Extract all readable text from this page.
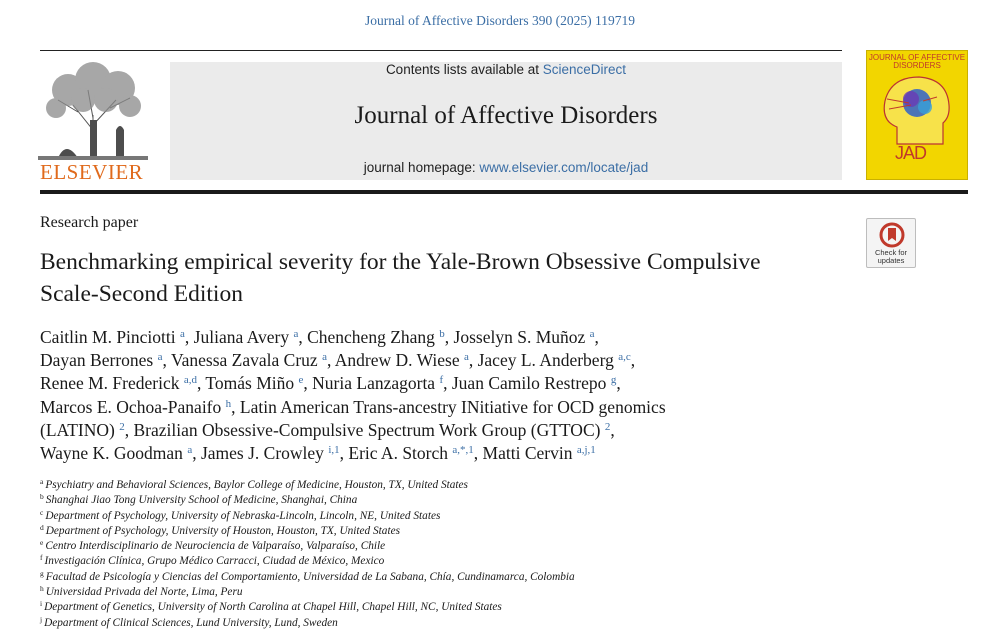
Journal of Affective Disorders 390 (2025) 119719
ELSEVIER
Contents lists available at ScienceDirect
Journal of Affective Disorders
journal homepage: www.elsevier.com/locate/jad
JOURNAL OF AFFECTIVE DISORDERS
JAD
Research paper
Check for updates
Benchmarking empirical severity for the Yale-Brown Obsessive Compulsive
Scale-Second Edition
Caitlin M. Pinciotti $^a$, Juliana Avery $^a$, Chencheng Zhang $^b$, Josselyn S. Muñoz $^a$,
Dayan Berrones $^a$, Vanessa Zavala Cruz $^a$, Andrew D. Wiese $^a$, Jacey L. Anderberg $^{a,c}$,
Renee M. Frederick $^{a,d}$, Tomás Miño $^e$, Nuria Lanzagorta $^f$, Juan Camilo Restrepo $^g$,
Marcos E. Ochoa-Panaifo $^h$, Latin American Trans-ancestry INitiative for OCD genomics
(LATINO) $^2$, Brazilian Obsessive-Compulsive Spectrum Work Group (GTTOC) $^2$,
Wayne K. Goodman $^a$, James J. Crowley $^{i,1}$, Eric A. Storch $^{a,*,1}$, Matti Cervin $^{a,j,1}$
$^a$ Psychiatry and Behavioral Sciences, Baylor College of Medicine, Houston, TX, United States
$^b$ Shanghai Jiao Tong University School of Medicine, Shanghai, China
$^c$ Department of Psychology, University of Nebraska-Lincoln, Lincoln, NE, United States
$^d$ Department of Psychology, University of Houston, Houston, TX, United States
$^e$ Centro Interdisciplinario de Neurociencia de Valparaíso, Valparaíso, Chile
$^f$ Investigación Clínica, Grupo Médico Carracci, Ciudad de México, Mexico
$^g$ Facultad de Psicología y Ciencias del Comportamiento, Universidad de La Sabana, Chía, Cundinamarca, Colombia
$^h$ Universidad Privada del Norte, Lima, Peru
$^i$ Department of Genetics, University of North Carolina at Chapel Hill, Chapel Hill, NC, United States
$^j$ Department of Clinical Sciences, Lund University, Lund, Sweden
